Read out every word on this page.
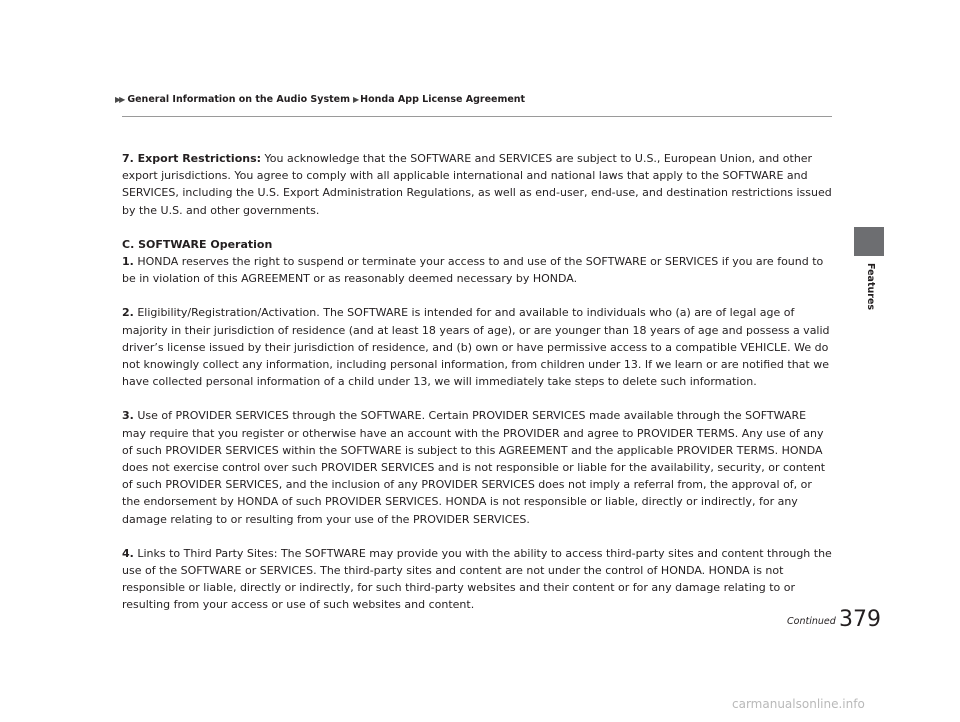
▶▶ General Information on the Audio System ▶ Honda App License Agreement
Features

7. Export Restrictions: You acknowledge that the SOFTWARE and SERVICES are subject to U.S., European Union, and other export jurisdictions. You agree to comply with all applicable international and national laws that apply to the SOFTWARE and SERVICES, including the U.S. Export Administration Regulations, as well as end-user, end-use, and destination restrictions issued by the U.S. and other governments.

C. SOFTWARE Operation

1. HONDA reserves the right to suspend or terminate your access to and use of the SOFTWARE or SERVICES if you are found to be in violation of this AGREEMENT or as reasonably deemed necessary by HONDA.

2. Eligibility/Registration/Activation. The SOFTWARE is intended for and available to individuals who (a) are of legal age of majority in their jurisdiction of residence (and at least 18 years of age), or are younger than 18 years of age and possess a valid driver’s license issued by their jurisdiction of residence, and (b) own or have permissive access to a compatible VEHICLE. We do not knowingly collect any information, including personal information, from children under 13. If we learn or are notified that we have collected personal information of a child under 13, we will immediately take steps to delete such information.

3. Use of PROVIDER SERVICES through the SOFTWARE. Certain PROVIDER SERVICES made available through the SOFTWARE may require that you register or otherwise have an account with the PROVIDER and agree to PROVIDER TERMS. Any use of any of such PROVIDER SERVICES within the SOFTWARE is subject to this AGREEMENT and the applicable PROVIDER TERMS. HONDA does not exercise control over such PROVIDER SERVICES and is not responsible or liable for the availability, security, or content of such PROVIDER SERVICES, and the inclusion of any PROVIDER SERVICES does not imply a referral from, the approval of, or the endorsement by HONDA of such PROVIDER SERVICES. HONDA is not responsible or liable, directly or indirectly, for any damage relating to or resulting from your use of the PROVIDER SERVICES.

4. Links to Third Party Sites: The SOFTWARE may provide you with the ability to access third-party sites and content through the use of the SOFTWARE or SERVICES. The third-party sites and content are not under the control of HONDA. HONDA is not responsible or liable, directly or indirectly, for such third-party websites and their content or for any damage relating to or resulting from your access or use of such websites and content.

Continued 379
carmanualsonline.info
